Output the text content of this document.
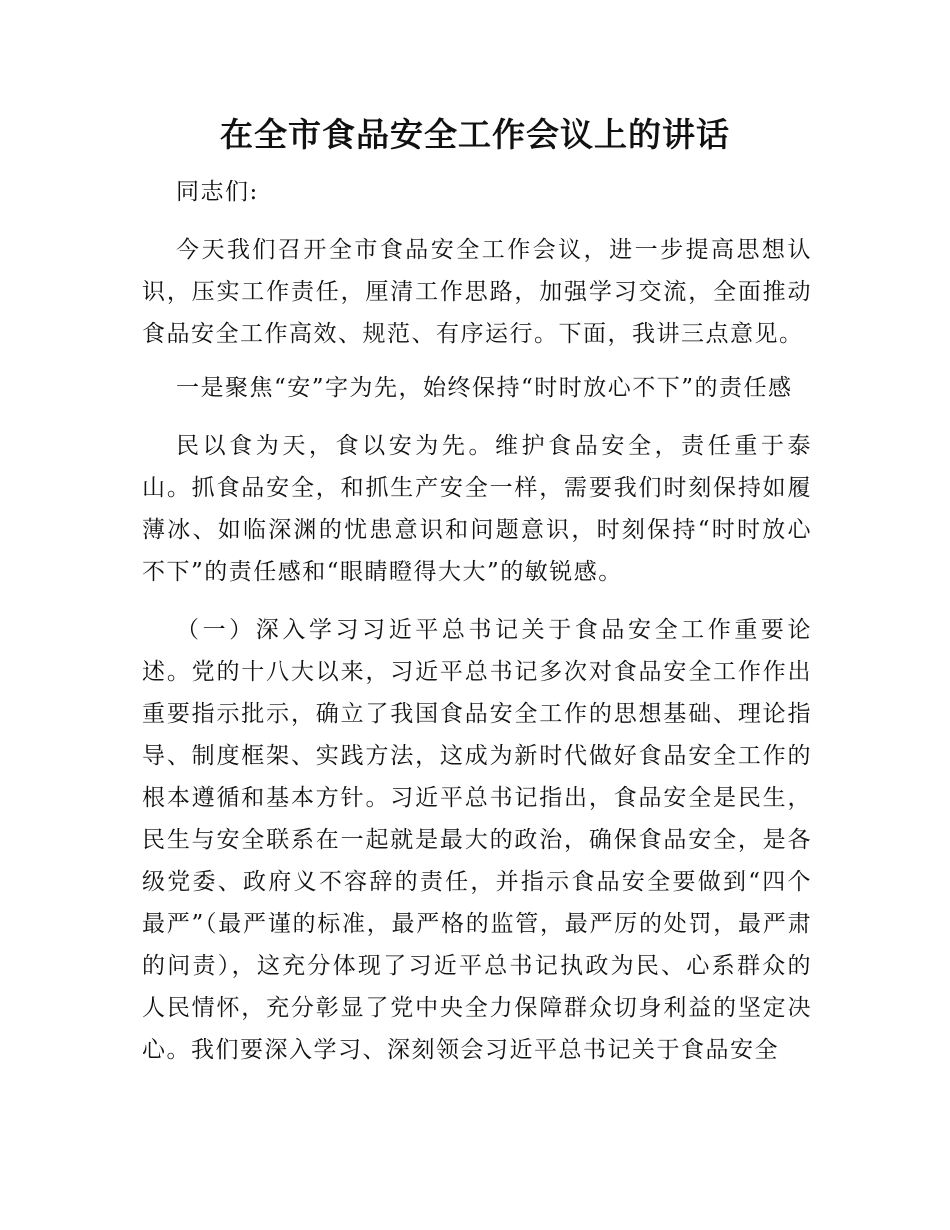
在全市食品安全工作会议上的讲话

同志们:

今天我们召开全市食品安全工作会议，进一步提高思想认识，压实工作责任，厘清工作思路，加强学习交流，全面推动食品安全工作高效、规范、有序运行。下面，我讲三点意见。

一是聚焦“安”字为先，始终保持“时时放心不下”的责任感

民以食为天，食以安为先。维护食品安全，责任重于泰山。抓食品安全，和抓生产安全一样，需要我们时刻保持如履薄冰、如临深渊的忧患意识和问题意识，时刻保持“时时放心不下”的责任感和“眼睛瞪得大大”的敏锐感。

（一）深入学习习近平总书记关于食品安全工作重要论述。党的十八大以来，习近平总书记多次对食品安全工作作出重要指示批示，确立了我国食品安全工作的思想基础、理论指导、制度框架、实践方法，这成为新时代做好食品安全工作的根本遵循和基本方针。习近平总书记指出，食品安全是民生，民生与安全联系在一起就是最大的政治，确保食品安全，是各级党委、政府义不容辞的责任，并指示食品安全要做到“四个最严”（最严谨的标准，最严格的监管，最严厉的处罚，最严肃的问责），这充分体现了习近平总书记执政为民、心系群众的人民情怀，充分彰显了党中央全力保障群众切身利益的坚定决心。我们要深入学习、深刻领会习近平总书记关于食品安全
